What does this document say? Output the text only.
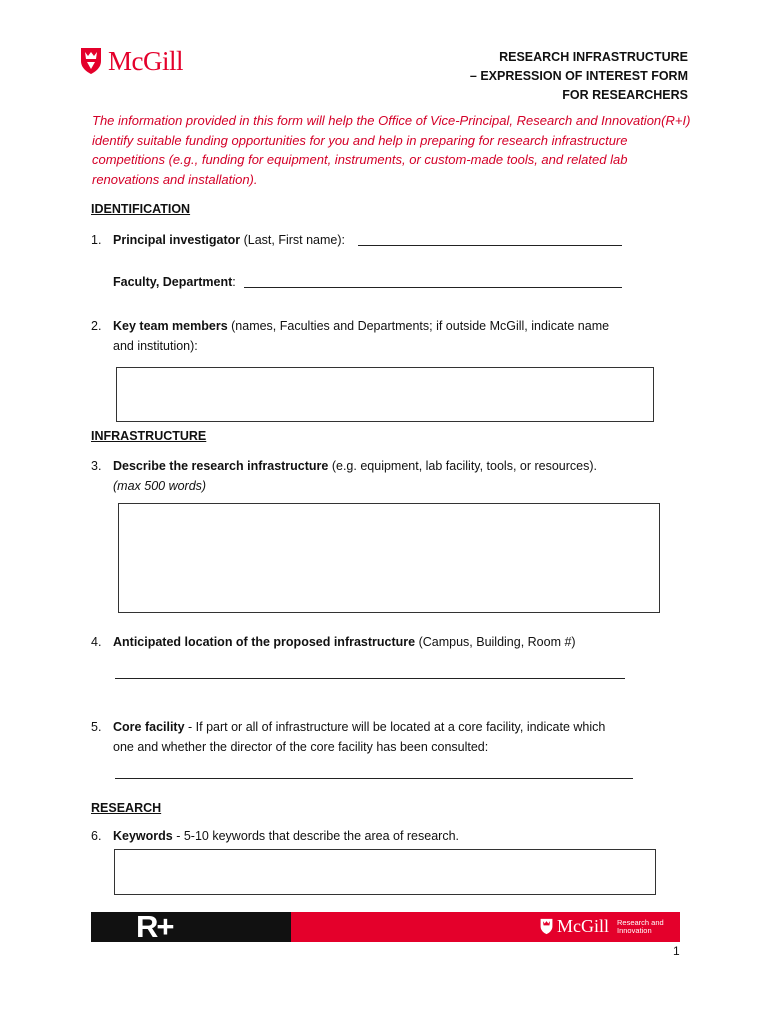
McGill	RESEARCH INFRASTRUCTURE
– EXPRESSION OF INTEREST FORM
FOR RESEARCHERS
The information provided in this form will help the Office of Vice-Principal, Research and Innovation(R+I) identify suitable funding opportunities for you and help in preparing for research infrastructure competitions (e.g., funding for equipment, instruments, or custom-made tools, and related lab renovations and installation).
IDENTIFICATION
1. Principal investigator (Last, First name):
Faculty, Department:
2. Key team members (names, Faculties and Departments; if outside McGill, indicate name
and institution):
INFRASTRUCTURE
3. Describe the research infrastructure (e.g. equipment, lab facility, tools, or resources).
(max 500 words)
4. Anticipated location of the proposed infrastructure (Campus, Building, Room #)
5. Core facility - If part or all of infrastructure will be located at a core facility, indicate which
one and whether the director of the core facility has been consulted:
RESEARCH
6. Keywords - 5-10 keywords that describe the area of research.
R+	McGill Research and
Innovation
1
